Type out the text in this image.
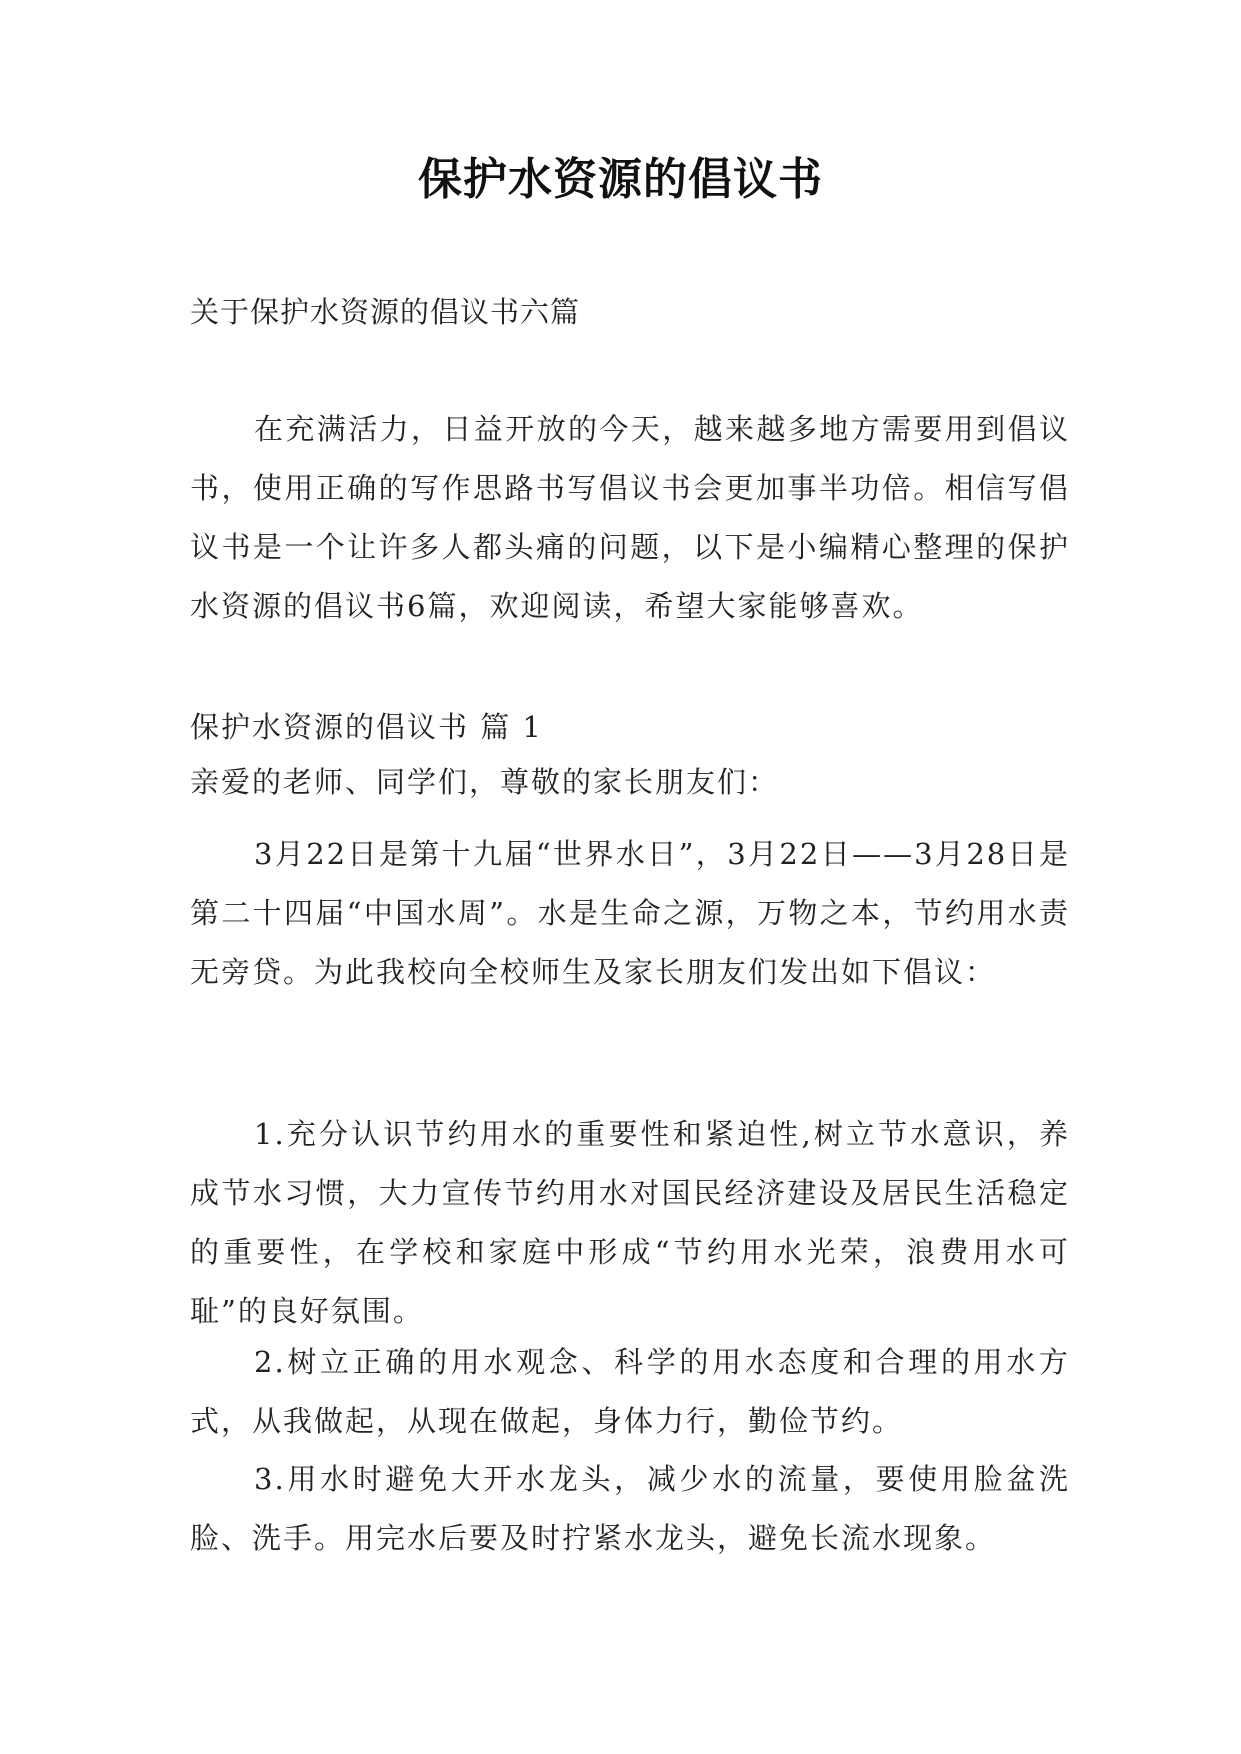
保护水资源的倡议书
关于保护水资源的倡议书六篇
在充满活力，日益开放的今天，越来越多地方需要用到倡议书，使用正确的写作思路书写倡议书会更加事半功倍。相信写倡议书是一个让许多人都头痛的问题，以下是小编精心整理的保护水资源的倡议书6篇，欢迎阅读，希望大家能够喜欢。
保护水资源的倡议书 篇 1
亲爱的老师、同学们，尊敬的家长朋友们：
3月22日是第十九届“世界水日”，3月22日——3月28日是第二十四届“中国水周”。水是生命之源，万物之本，节约用水责无旁贷。为此我校向全校师生及家长朋友们发出如下倡议：
1.充分认识节约用水的重要性和紧迫性,树立节水意识，养成节水习惯，大力宣传节约用水对国民经济建设及居民生活稳定的重要性，在学校和家庭中形成“节约用水光荣，浪费用水可耻”的良好氛围。
2.树立正确的用水观念、科学的用水态度和合理的用水方式，从我做起，从现在做起，身体力行，勤俭节约。
3.用水时避免大开水龙头，减少水的流量，要使用脸盆洗脸、洗手。用完水后要及时拧紧水龙头，避免长流水现象。
